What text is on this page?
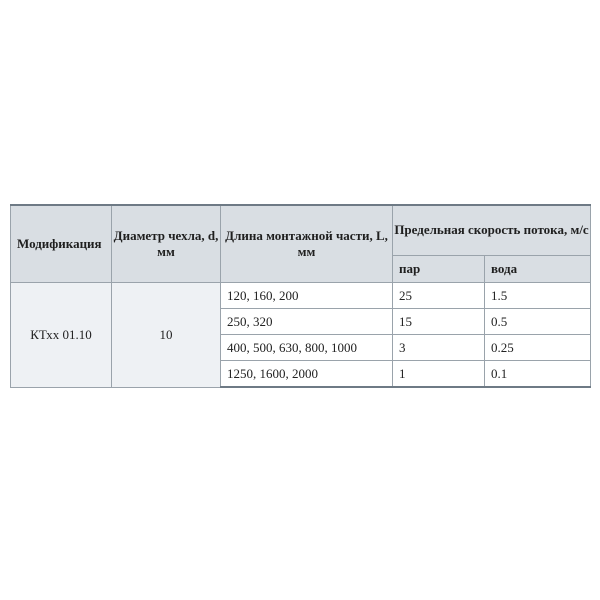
Модификация	Диаметр чехла, d, мм	Длина монтажной части, L, мм	Предельная скорость потока, м/с	
			пар	вода
КТхх 01.10	10	120, 160, 200	25	1.5
		250, 320	15	0.5
		400, 500, 630, 800, 1000	3	0.25
		1250, 1600, 2000	1	0.1
